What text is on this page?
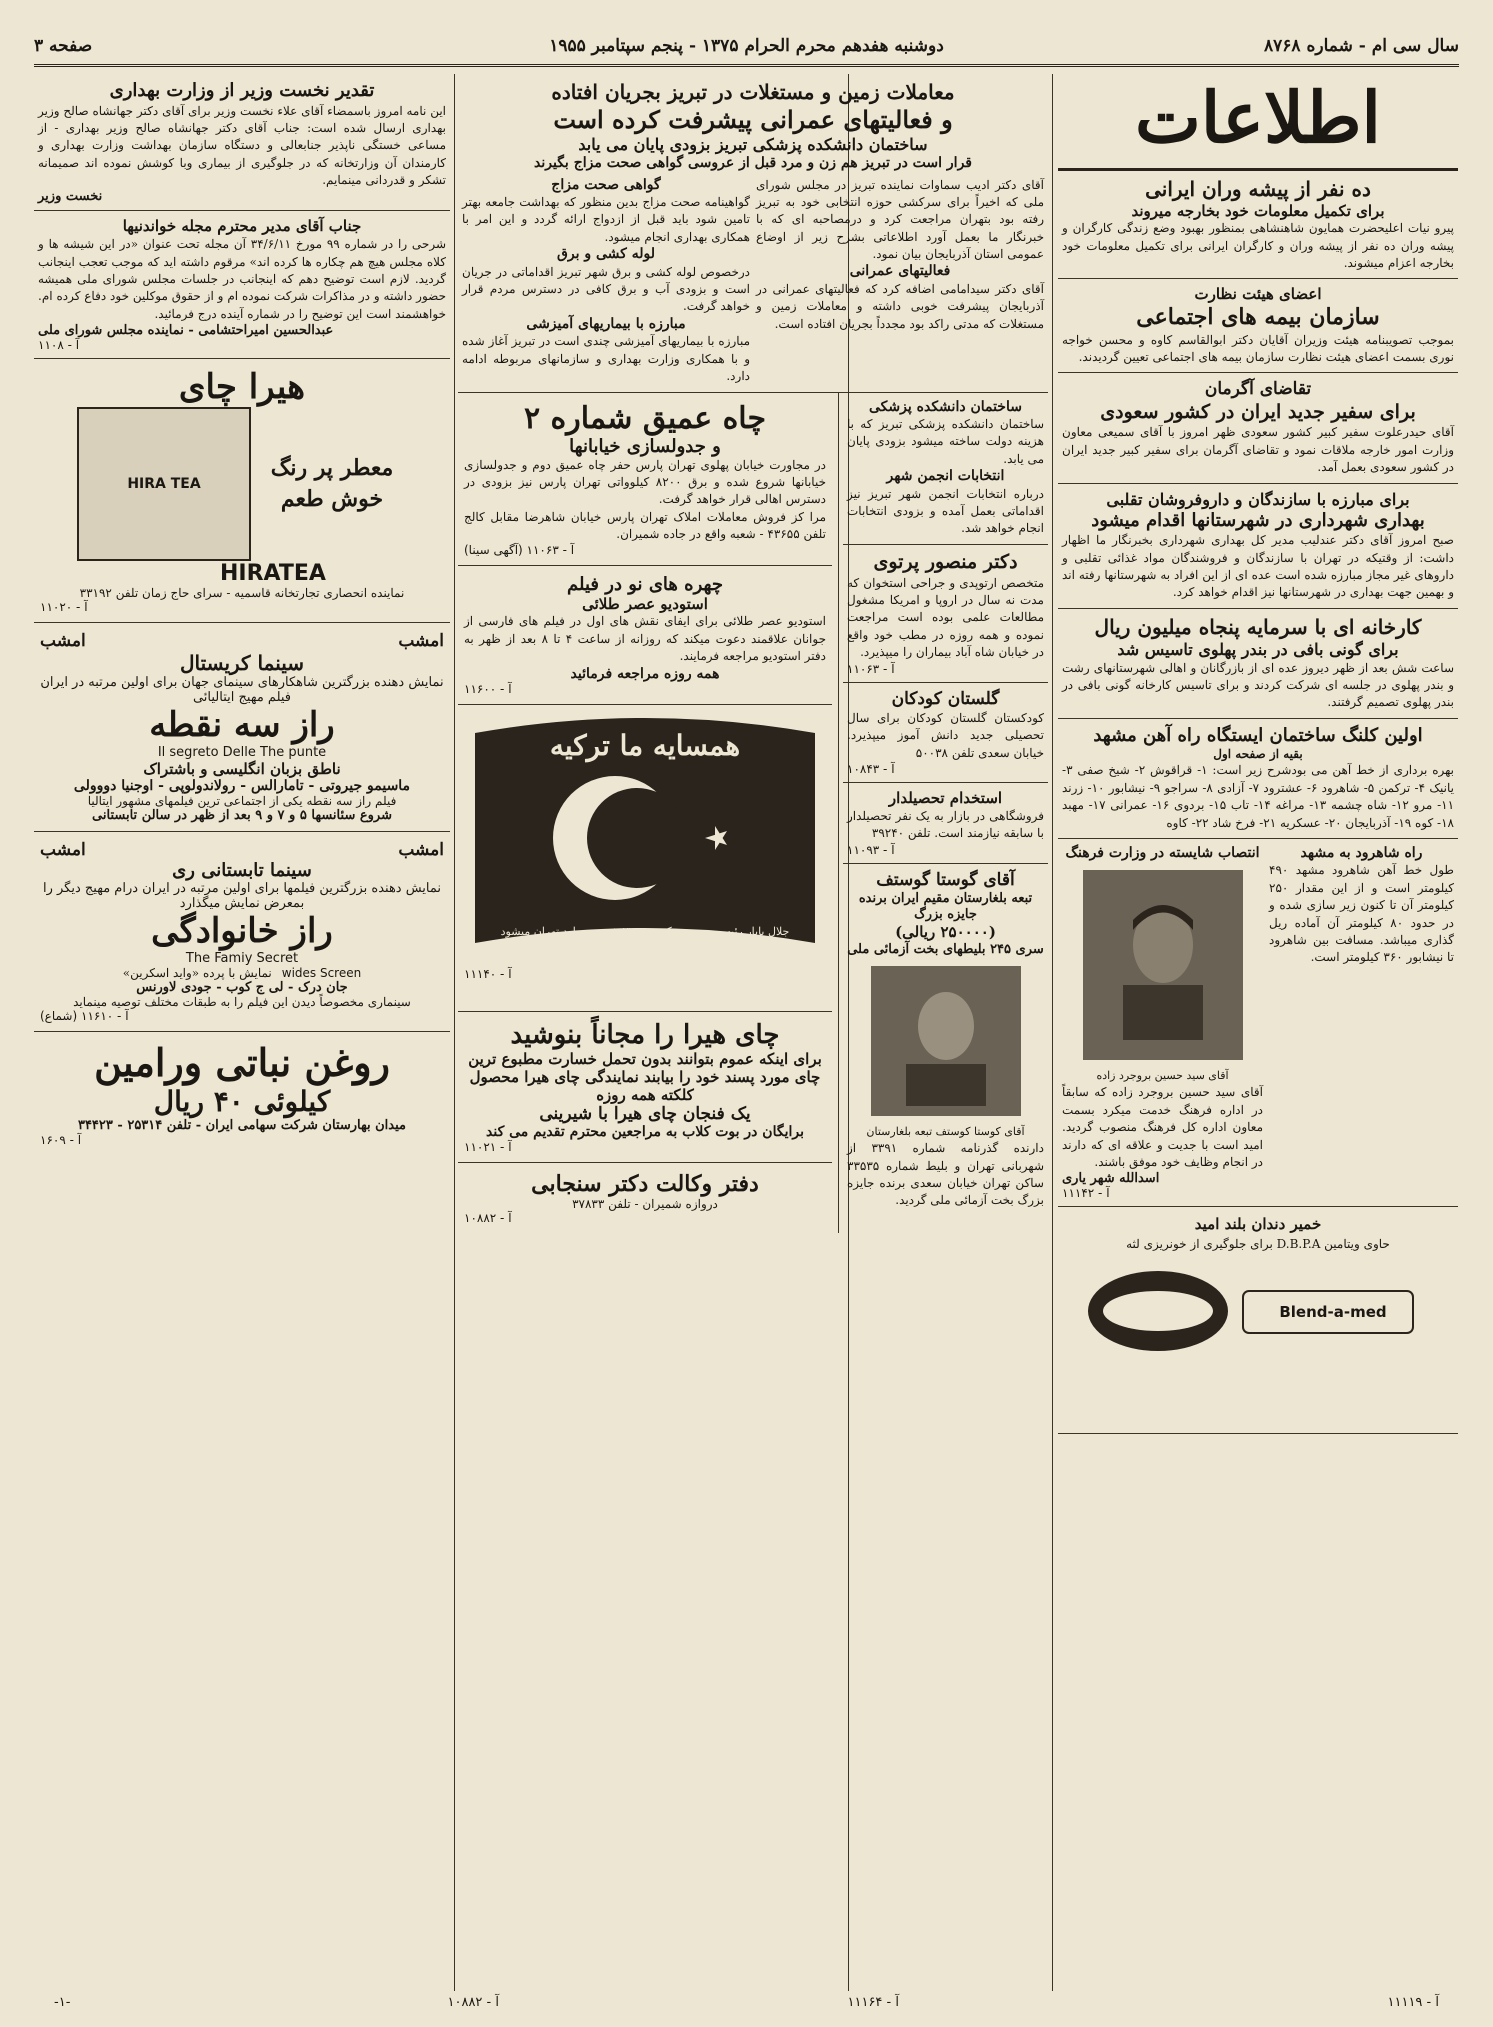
سال سی ام - شماره ۸۷۶۸
دوشنبه هفدهم محرم الحرام ۱۳۷۵ - پنجم سپتامبر ۱۹۵۵
صفحه ۳
اطلاعات
ده نفر از پیشه وران ایرانی
برای تکمیل معلومات خود بخارجه میروند
پیرو نیات اعلیحضرت همایون شاهنشاهی بمنظور بهبود وضع زندگی کارگران و پیشه وران ده نفر از پیشه وران و کارگران ایرانی برای تکمیل معلومات خود بخارجه اعزام میشوند.
اعضای هیئت نظارت
سازمان بیمه های اجتماعی
بموجب تصویبنامه هیئت وزیران آقایان دکتر ابوالقاسم کاوه و محسن خواجه نوری بسمت اعضای هیئت نظارت سازمان بیمه های اجتماعی تعیین گردیدند.
تقاضای آگرمان
برای سفیر جدید ایران در کشور سعودی
آقای حیدرعلوت سفیر کبیر کشور سعودی ظهر امروز با آقای سمیعی معاون وزارت امور خارجه ملاقات نمود و تقاضای آگرمان برای سفیر کبیر جدید ایران در کشور سعودی بعمل آمد.
برای مبارزه با سازندگان و داروفروشان تقلبی
بهداری شهرداری در شهرستانها اقدام میشود
صبح امروز آقای دکتر عندلیب مدیر کل بهداری شهرداری بخبرنگار ما اظهار داشت: از وقتیکه در تهران با سازندگان و فروشندگان مواد غذائی تقلبی و داروهای غیر مجاز مبارزه شده است عده ای از این افراد به شهرستانها رفته اند و بهمین جهت بهداری در شهرستانها نیز اقدام خواهد کرد.
کارخانه ای با سرمایه پنجاه میلیون ریال
برای گونی بافی در بندر پهلوی تاسیس شد
ساعت شش بعد از ظهر دیروز عده ای از بازرگانان و اهالی شهرستانهای رشت و بندر پهلوی در جلسه ای شرکت کردند و برای تاسیس کارخانه گونی بافی در بندر پهلوی تصمیم گرفتند.
اولین کلنگ ساختمان ایستگاه راه آهن مشهد
بقیه از صفحه اول
بهره برداری از خط آهن می بودشرح زیر است: ۱- قراقوش ۲- شیخ صفی ۳- یانیک ۴- ترکمن ۵- شاهرود ۶- عشترود ۷- آزادی ۸- سراجو ۹- نیشابور ۱۰- زرند ۱۱- مرو ۱۲- شاه چشمه ۱۳- مراغه ۱۴- تاب ۱۵- بردوی ۱۶- عمرانی ۱۷- مهبد ۱۸- کوه ۱۹- آذربایجان ۲۰- عسکریه ۲۱- فرخ شاد ۲۲- کاوه
راه شاهرود به مشهد
طول خط آهن شاهرود مشهد ۴۹۰ کیلومتر است و از این مقدار ۲۵۰ کیلومتر آن تا کنون زیر سازی شده و در حدود ۸۰ کیلومتر آن آماده ریل گذاری میباشد. مسافت بین شاهرود تا نیشابور ۳۶۰ کیلومتر است.
انتصاب شایسته در وزارت فرهنگ
آقای سید حسین بروجرد زاده
آقای سید حسین بروجرد زاده که سابقاً در اداره فرهنگ خدمت میکرد بسمت معاون اداره کل فرهنگ منصوب گردید. امید است با جدیت و علاقه ای که دارند در انجام وظایف خود موفق باشند.
اسدالله شهر یاری
آ - ۱۱۱۴۲
خمیر دندان بلند امید
حاوی ویتامین D.B.P.A برای جلوگیری از خونریزی لثه
Blend-a-med
معاملات زمین و مستغلات در تبریز بجریان افتاده
و فعالیتهای عمرانی پیشرفت کرده است
ساختمان دانشکده پزشکی تبریز بزودی پایان می یابد
قرار است در تبریز هم زن و مرد قبل از عروسی گواهی صحت مزاج بگیرند
آقای دکتر ادیب سماوات نماینده تبریز در مجلس شورای ملی که اخیراً برای سرکشی حوزه انتخابی خود به تبریز رفته بود بتهران مراجعت کرد و درمصاحبه ای که با خبرنگار ما بعمل آورد اطلاعاتی بشرح زیر از اوضاع عمومی استان آذربایجان بیان نمود.
فعالیتهای عمرانی
آقای دکتر سیدامامی اضافه کرد که فعالیتهای عمرانی در آذربایجان پیشرفت خوبی داشته و معاملات زمین و مستغلات که مدتی راکد بود مجدداً بجریان افتاده است.
گواهی صحت مزاج
گواهینامه صحت مزاج بدین منظور که بهداشت جامعه بهتر تامین شود باید قبل از ازدواج ارائه گردد و این امر با همکاری بهداری انجام میشود.
لوله کشی و برق
درخصوص لوله کشی و برق شهر تبریز اقداماتی در جریان است و بزودی آب و برق کافی در دسترس مردم قرار خواهد گرفت.
مبارزه با بیماریهای آمیزشی
مبارزه با بیماریهای آمیزشی چندی است در تبریز آغاز شده و با همکاری وزارت بهداری و سازمانهای مربوطه ادامه دارد.
ساختمان دانشکده پزشکی
ساختمان دانشکده پزشکی تبریز که با هزینه دولت ساخته میشود بزودی پایان می یابد.
انتخابات انجمن شهر
درباره انتخابات انجمن شهر تبریز نیز اقداماتی بعمل آمده و بزودی انتخابات انجام خواهد شد.
دکتر منصور پرتوی
متخصص ارتوپدی و جراحی استخوان که مدت نه سال در اروپا و امریکا مشغول مطالعات علمی بوده است مراجعت نموده و همه روزه در مطب خود واقع در خیابان شاه آباد بیماران را میپذیرد.
آ - ۱۱۰۶۳
گلستان کودکان
کودکستان گلستان کودکان برای سال تحصیلی جدید دانش آموز میپذیرد. خیابان سعدی تلفن ۵۰۰۳۸
آ - ۱۰۸۴۳
استخدام تحصیلدار
فروشگاهی در بازار به یک نفر تحصیلدار با سابقه نیازمند است. تلفن ۳۹۲۴۰
آ - ۱۱۰۹۳
آقای گوستا گوستف
تبعه بلغارستان مقیم ایران برنده جایزه بزرگ
(۲۵۰۰۰۰ ریالی)
سری ۲۴۵ بلیطهای بخت آزمائی ملی
آقای کوستا کوستف تبعه بلغارستان
دارنده گذرنامه شماره ۳۳۹۱ از شهربانی تهران و بلیط شماره ۳۳۵۳۵ ساکن تهران خیابان سعدی برنده جایزه بزرگ بخت آزمائی ملی گردید.
چاه عمیق شماره ۲
و جدولسازی خیابانها
در مجاورت خیابان پهلوی تهران پارس حفر چاه عمیق دوم و جدولسازی خیابانها شروع شده و برق ۸۲۰۰ کیلوواتی تهران پارس نیز بزودی در دسترس اهالی قرار خواهد گرفت.
مرا کز فروش معاملات املاک تهران پارس خیابان شاهرضا مقابل کالج تلفن ۴۳۶۵۵ - شعبه واقع در جاده شمیران.
آ - ۱۱۰۶۳ (آگهی سینا)
چهره های نو در فیلم
استودیو عصر طلائی
استودیو عصر طلائی برای ایفای نقش های اول در فیلم های فارسی از جوانان علاقمند دعوت میکند که روزانه از ساعت ۴ تا ۸ بعد از ظهر به دفتر استودیو مراجعه فرمایند.
همه روزه مراجعه فرمائید
آ - ۱۱۶۰۰
همسایه ما ترکیه
جلال بایار رئیس جمهور ترکیه روز ۲۷ شهریور وارد تهران میشود
آ - ۱۱۱۴۰
چای هیرا را مجاناً بنوشید
برای اینکه عموم بتوانند بدون تحمل خسارت مطبوع ترین چای مورد پسند خود را بیابند نمایندگی چای هیرا محصول کلکته همه روزه
یک فنجان چای هیرا با شیرینی
برایگان در بوت کلاب به مراجعین محترم تقدیم می کند
آ - ۱۱۰۲۱
دفتر وکالت دکتر سنجابی
دروازه شمیران - تلفن ۳۷۸۳۳
آ - ۱۰۸۸۲
تقدیر نخست وزیر از وزارت بهداری
این نامه امروز باسمضاء آقای علاء نخست وزیر برای آقای دکتر جهانشاه صالح وزیر بهداری ارسال شده است: جناب آقای دکتر جهانشاه صالح وزیر بهداری - از مساعی خستگی ناپذیر جنابعالی و دستگاه سازمان بهداشت وزارت بهداری و کارمندان آن وزارتخانه که در جلوگیری از بیماری وبا کوشش نموده اند صمیمانه تشکر و قدردانی مینمایم.
نخست وزیر
جناب آقای مدیر محترم مجله خواندنیها
شرحی را در شماره ۹۹ مورخ ۳۴/۶/۱۱ آن مجله تحت عنوان «در این شیشه ها و کلاه مجلس هیچ هم چکاره ها کرده اند» مرقوم داشته اید که موجب تعجب اینجانب گردید. لازم است توضیح دهم که اینجانب در جلسات مجلس شورای ملی همیشه حضور داشته و در مذاکرات شرکت نموده ام و از حقوق موکلین خود دفاع کرده ام. خواهشمند است این توضیح را در شماره آینده درج فرمائید.
عبدالحسین امیراحتشامی - نماینده مجلس شورای ملی
آ - ۱۱۰۸
هیرا چای
معطر پر رنگ خوش طعم
HIRA TEA
HIRATEA
نماینده انحصاری تجارتخانه قاسمیه - سرای حاج زمان تلفن ۳۳۱۹۲
آ - ۱۱۰۲۰
امشب
امشب
سینما کریستال
نمایش دهنده بزرگترین شاهکارهای سینمای جهان برای اولین مرتبه در ایران فیلم مهیج ایتالیائی
راز سه نقطه
Il segreto Delle The punte
ناطق بزبان انگلیسی و باشتراک
ماسیمو جیروتی - تامارالس - رولاندولوپی - اوجنیا دووولی
فیلم راز سه نقطه یکی از اجتماعی ترین فیلمهای مشهور ایتالیا
شروع سئانسها ۵ و ۷ و ۹ بعد از ظهر در سالن تابستانی
امشب
امشب
سینما تابستانی ری
نمایش دهنده بزرگترین فیلمها برای اولین مرتبه در ایران درام مهیج دیگر را بمعرض نمایش میگذارد
راز خانوادگی
The Famiy Secret
wides Screen
نمایش با پرده «واید اسکرین»
جان درک - لی ج کوب - جودی لاورنس
سینماری مخصوصاً دیدن این فیلم را به طبقات مختلف توصیه مینماید
آ - ۱۱۶۱۰ (شماع)
روغن نباتی ورامین
کیلوئی ۴۰ ریال
میدان بهارستان شرکت سهامی ایران - تلفن ۲۵۳۱۴ - ۳۴۴۲۳
آ - ۱۶۰۹
آ - ۱۱۱۱۹
آ - ۱۱۱۶۴
آ - ۱۰۸۸۲
-۱-
